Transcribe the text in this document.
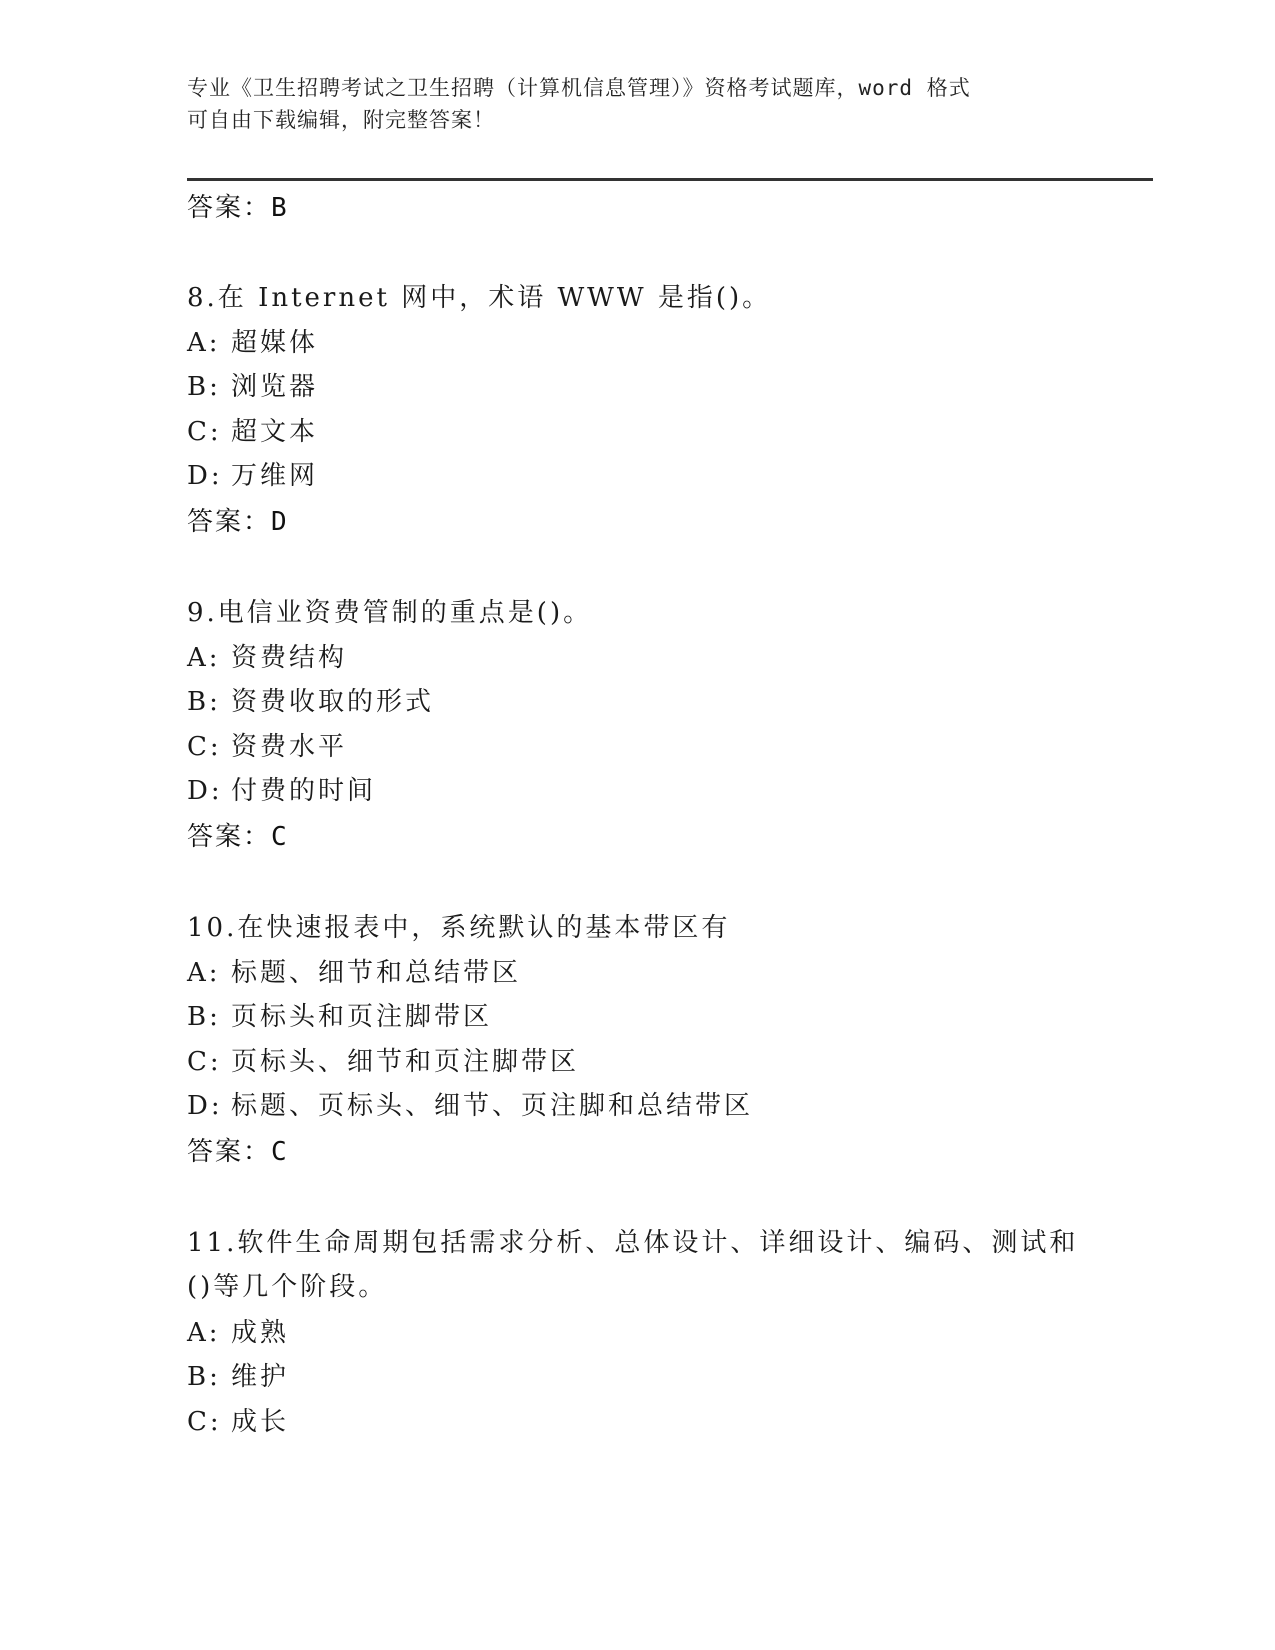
专业《卫生招聘考试之卫生招聘（计算机信息管理）》资格考试题库，word 格式

可自由下载编辑，附完整答案！

答案：B
8.在 Internet 网中，术语 WWW 是指()。
A: 超媒体
B: 浏览器
C: 超文本
D: 万维网
答案：D
9.电信业资费管制的重点是()。
A: 资费结构
B: 资费收取的形式
C: 资费水平
D: 付费的时间
答案：C
10.在快速报表中，系统默认的基本带区有
A: 标题、细节和总结带区
B: 页标头和页注脚带区
C: 页标头、细节和页注脚带区
D: 标题、页标头、细节、页注脚和总结带区
答案：C
11.软件生命周期包括需求分析、总体设计、详细设计、编码、测试和
()等几个阶段。
A: 成熟
B: 维护
C: 成长
